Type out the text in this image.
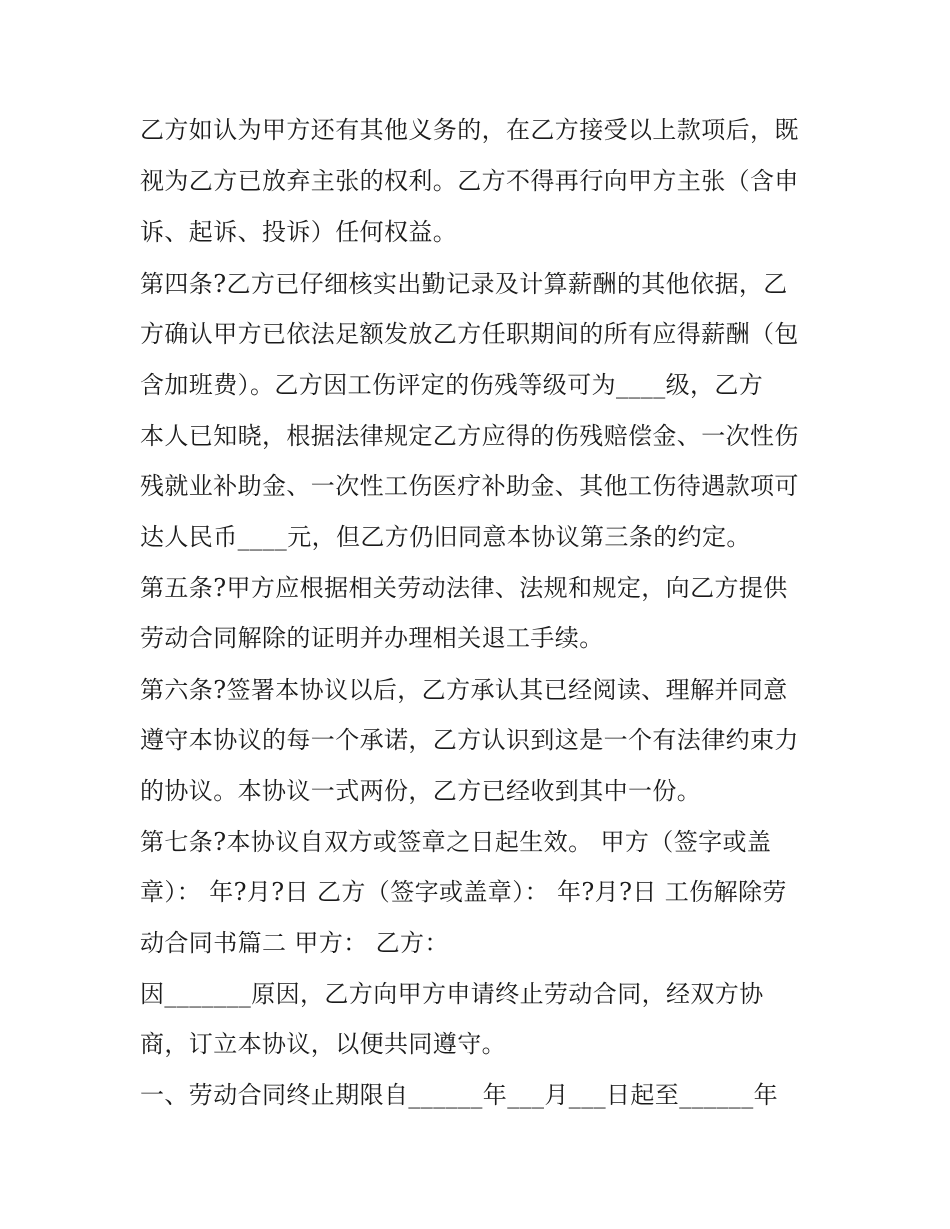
乙方如认为甲方还有其他义务的，在乙方接受以上款项后，既
视为乙方已放弃主张的权利。乙方不得再行向甲方主张（含申
诉、起诉、投诉）任何权益。
第四条?乙方已仔细核实出勤记录及计算薪酬的其他依据，乙
方确认甲方已依法足额发放乙方任职期间的所有应得薪酬（包
含加班费）。乙方因工伤评定的伤残等级可为____级，乙方
本人已知晓，根据法律规定乙方应得的伤残赔偿金、一次性伤
残就业补助金、一次性工伤医疗补助金、其他工伤待遇款项可
达人民币____元，但乙方仍旧同意本协议第三条的约定。
第五条?甲方应根据相关劳动法律、法规和规定，向乙方提供
劳动合同解除的证明并办理相关退工手续。
第六条?签署本协议以后，乙方承认其已经阅读、理解并同意
遵守本协议的每一个承诺，乙方认识到这是一个有法律约束力
的协议。本协议一式两份，乙方已经收到其中一份。
第七条?本协议自双方或签章之日起生效。 甲方（签字或盖
章）： 年?月?日 乙方（签字或盖章）： 年?月?日 工伤解除劳
动合同书篇二 甲方： 乙方：
因_______原因，乙方向甲方申请终止劳动合同，经双方协
商，订立本协议，以便共同遵守。
一、劳动合同终止期限自______年___月___日起至______年
